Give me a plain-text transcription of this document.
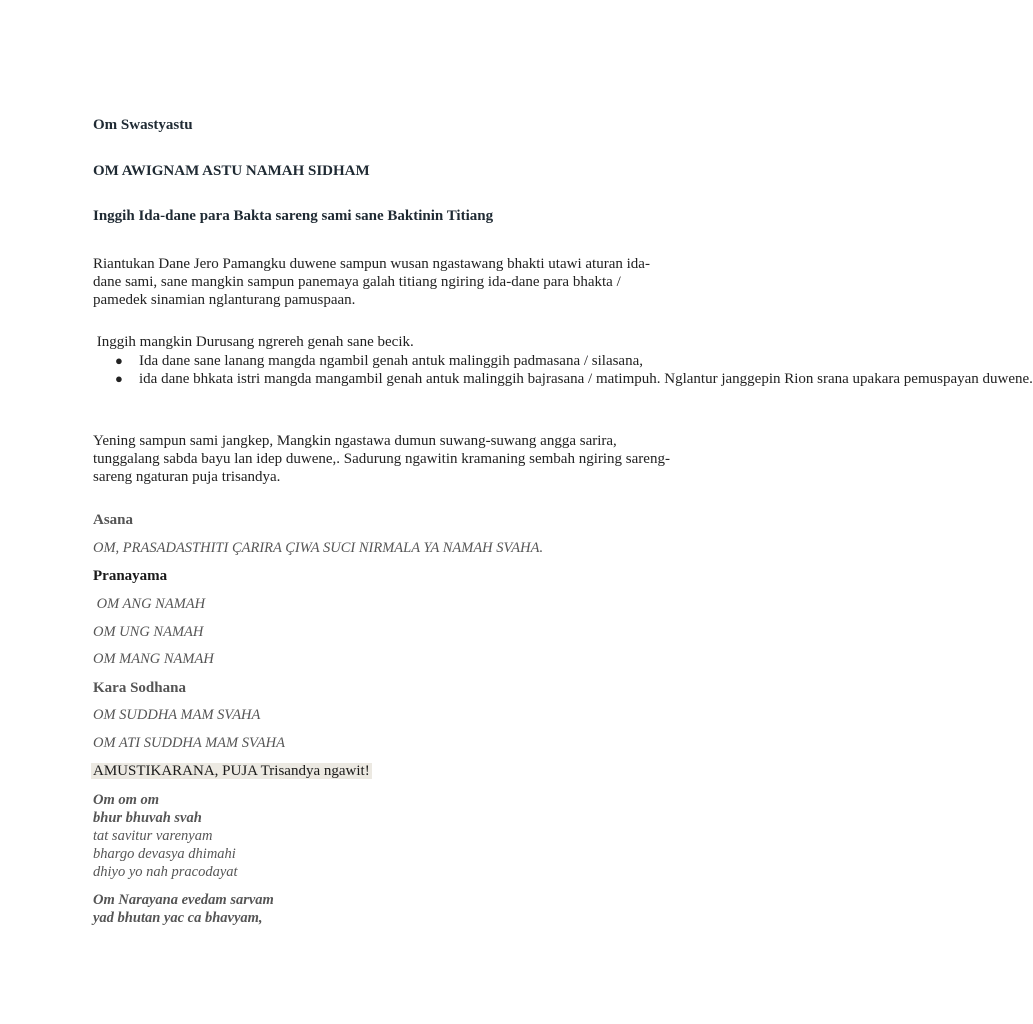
Om Swastyastu
OM AWIGNAM ASTU NAMAH SIDHAM
Inggih Ida-dane para Bakta sareng sami sane Baktinin Titiang
Riantukan Dane Jero Pamangku duwene sampun wusan ngastawang bhakti utawi aturan ida-dane sami, sane mangkin sampun panemaya galah titiang ngiring ida-dane para bhakta / pamedek sinamian nglanturang pamuspaan.
Inggih mangkin Durusang ngrereh genah sane becik.
● Ida dane sane lanang mangda ngambil genah antuk malinggih padmasana / silasana,
● ida dane bhkata istri mangda mangambil genah antuk malinggih bajrasana / matimpuh. Nglantur janggepin Rion srana upakara pemuspayan duwene.
Yening sampun sami jangkep, Mangkin ngastawa dumun suwang-suwang angga sarira, tunggalang sabda bayu lan idep duwene,. Sadurung ngawitin kramaning sembah ngiring sareng-sareng ngaturan puja trisandya.
Asana
OM, PRASADASTHITI ÇARIRA ÇIWA SUCI NIRMALA YA NAMAH SVAHA.
Pranayama
OM ANG NAMAH
OM UNG NAMAH
OM MANG NAMAH
Kara Sodhana
OM SUDDHA MAM SVAHA
OM ATI SUDDHA MAM SVAHA
AMUSTIKARANA, PUJA Trisandya ngawit!
Om om om
bhur bhuvah svah
tat savitur varenyam
bhargo devasya dhimahi
dhiyo yo nah pracodayat
Om Narayana evedam sarvam
yad bhutan yac ca bhavyam,
